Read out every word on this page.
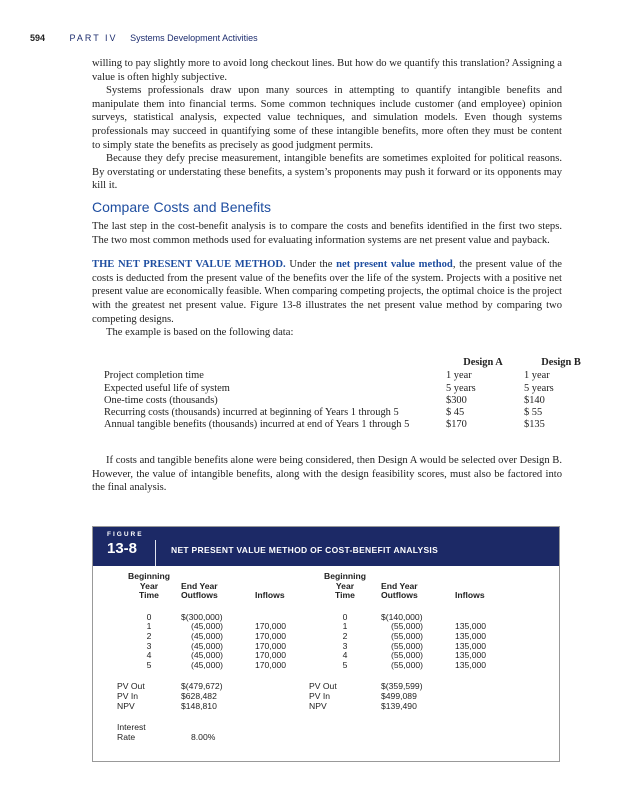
594	PART IV Systems Development Activities

willing to pay slightly more to avoid long checkout lines. But how do we quantify this translation? Assigning a value is often highly subjective.

Systems professionals draw upon many sources in attempting to quantify intangible benefits and manipulate them into financial terms. Some common techniques include customer (and employee) opinion surveys, statistical analysis, expected value techniques, and simulation models. Even though systems professionals may succeed in quantifying some of these intangible benefits, more often they must be content to simply state the benefits as precisely as good judgment permits.

Because they defy precise measurement, intangible benefits are sometimes exploited for political reasons. By overstating or understating these benefits, a system’s proponents may push it forward or its opponents may kill it.

Compare Costs and Benefits

The last step in the cost-benefit analysis is to compare the costs and benefits identified in the first two steps. The two most common methods used for evaluating information systems are net present value and payback.

THE NET PRESENT VALUE METHOD. Under the net present value method, the present value of the costs is deducted from the present value of the benefits over the life of the system. Projects with a positive net present value are economically feasible. When comparing competing projects, the optimal choice is the project with the greatest net present value. Figure 13-8 illustrates the net present value method by comparing two competing designs.

The example is based on the following data:

	Design A	Design B
Project completion time	1 year	1 year
Expected useful life of system	5 years	5 years
One-time costs (thousands)	$300	$140
Recurring costs (thousands) incurred at beginning of Years 1 through 5	$ 45	$ 55
Annual tangible benefits (thousands) incurred at end of Years 1 through 5	$170	$135

If costs and tangible benefits alone were being considered, then Design A would be selected over Design B. However, the value of intangible benefits, along with the design feasibility scores, must also be factored into the final analysis.

FIGURE
13-8	NET PRESENT VALUE METHOD OF COST-BENEFIT ANALYSIS
Beginning
Year
Time	End Year
Outflows	Inflows	Beginning
Year
Time	End Year
Outflows	Inflows

0	$(300,000)		0	$(140,000)	
1	(45,000)	170,000	1	(55,000)	135,000
2	(45,000)	170,000	2	(55,000)	135,000
3	(45,000)	170,000	3	(55,000)	135,000
4	(45,000)	170,000	4	(55,000)	135,000
5	(45,000)	170,000	5	(55,000)	135,000

PV Out	$(479,672)		PV Out	$(359,599)	
PV In	$628,482		PV In	$499,089	
NPV	$148,810		NPV	$139,490	

Interest					
Rate	8.00%				
